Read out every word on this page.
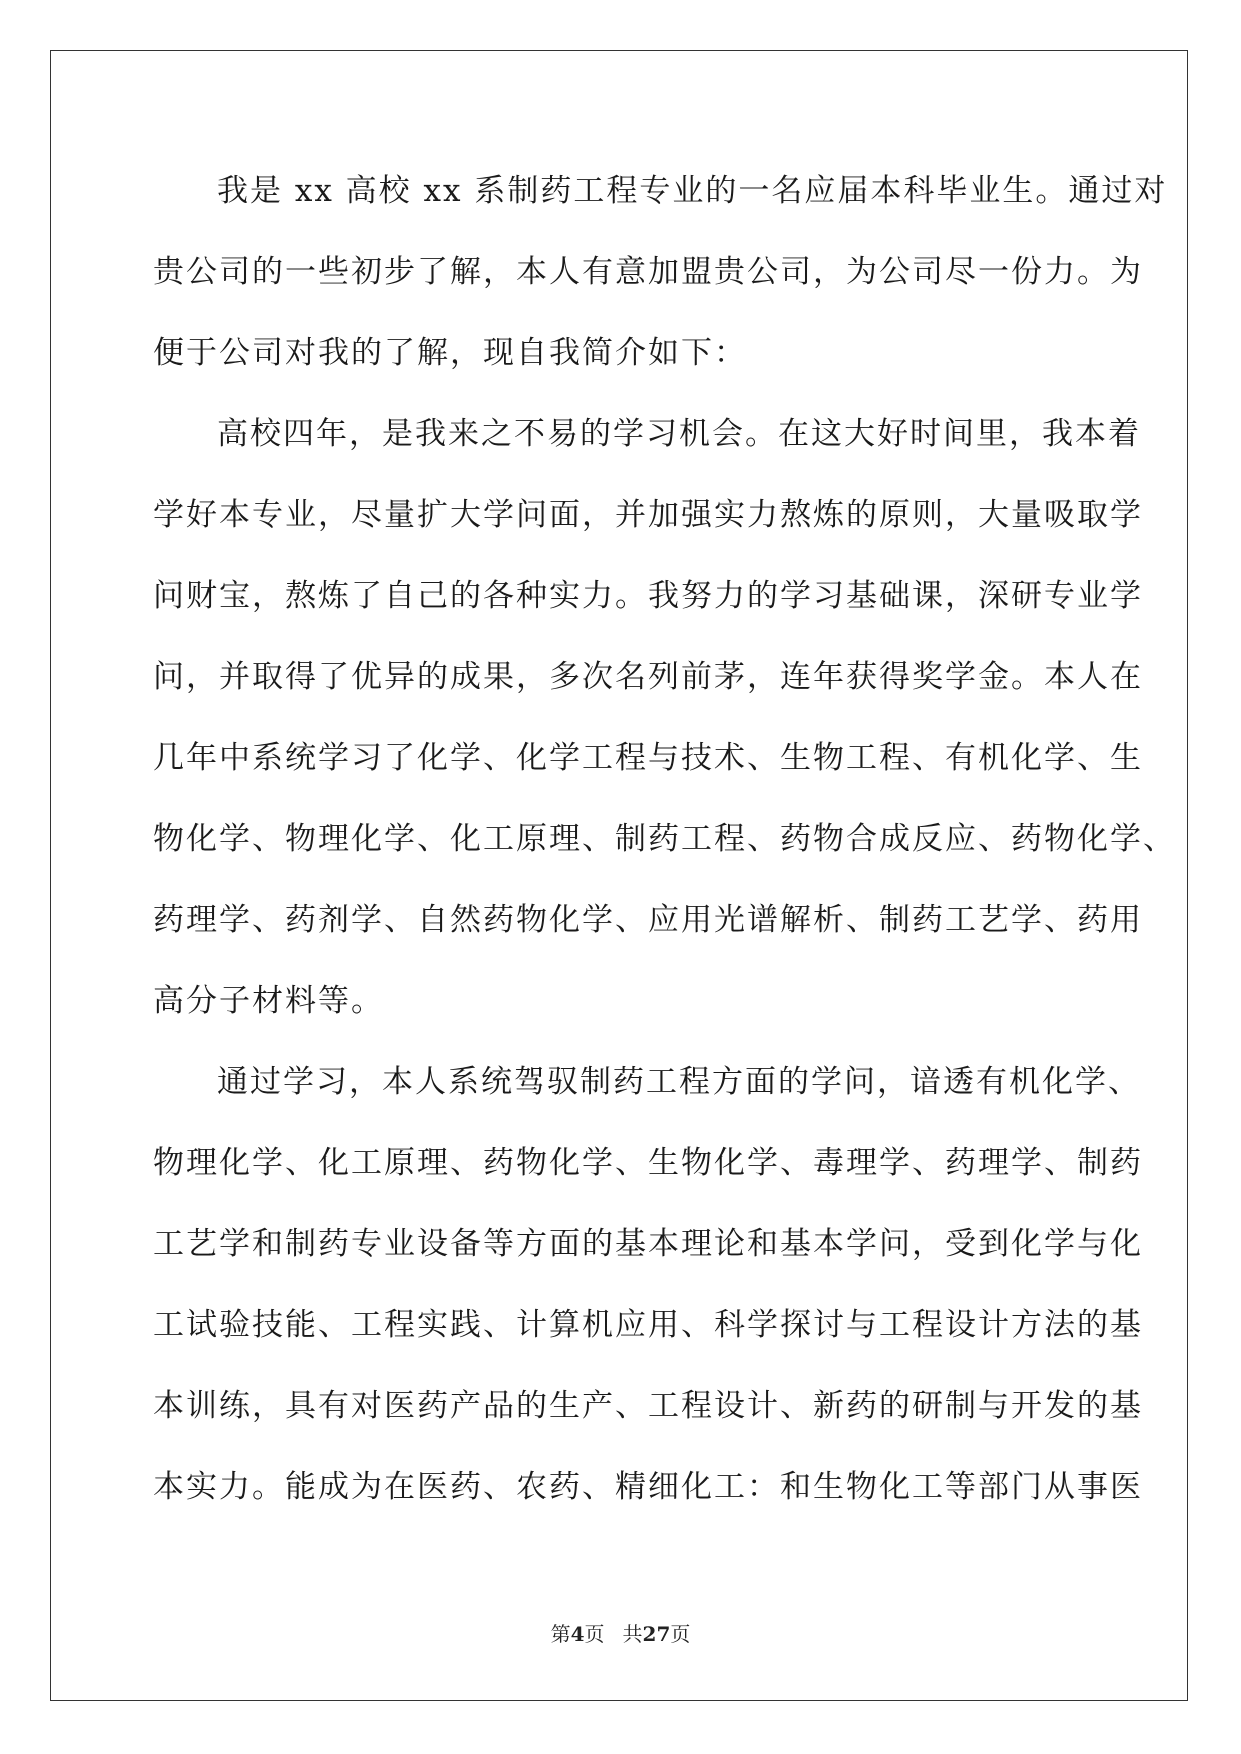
我是 xx 高校 xx 系制药工程专业的一名应届本科毕业生。通过对
贵公司的一些初步了解，本人有意加盟贵公司，为公司尽一份力。为
便于公司对我的了解，现自我简介如下：
高校四年，是我来之不易的学习机会。在这大好时间里，我本着
学好本专业，尽量扩大学问面，并加强实力熬炼的原则，大量吸取学
问财宝，熬炼了自己的各种实力。我努力的学习基础课，深研专业学
问，并取得了优异的成果，多次名列前茅，连年获得奖学金。本人在
几年中系统学习了化学、化学工程与技术、生物工程、有机化学、生
物化学、物理化学、化工原理、制药工程、药物合成反应、药物化学、
药理学、药剂学、自然药物化学、应用光谱解析、制药工艺学、药用
高分子材料等。
通过学习，本人系统驾驭制药工程方面的学问，谙透有机化学、
物理化学、化工原理、药物化学、生物化学、毒理学、药理学、制药
工艺学和制药专业设备等方面的基本理论和基本学问，受到化学与化
工试验技能、工程实践、计算机应用、科学探讨与工程设计方法的基
本训练，具有对医药产品的生产、工程设计、新药的研制与开发的基
本实力。能成为在医药、农药、精细化工：和生物化工等部门从事医
第4页 共27页
